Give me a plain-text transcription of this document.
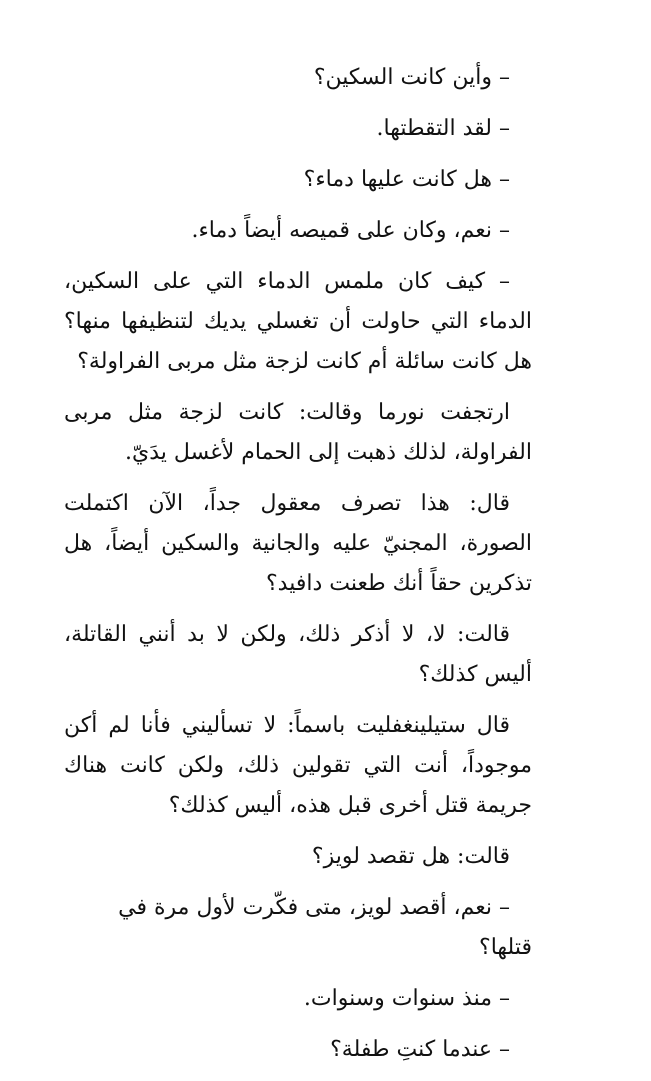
– وأين كانت السكين؟

– لقد التقطتها.

– هل كانت عليها دماء؟

– نعم، وكان على قميصه أيضاً دماء.

– كيف كان ملمس الدماء التي على السكين، الدماء التي حاولت أن تغسلي يديك لتنظيفها منها؟ هل كانت سائلة أم كانت لزجة مثل مربى الفراولة؟

ارتجفت نورما وقالت: كانت لزجة مثل مربى الفراولة، لذلك ذهبت إلى الحمام لأغسل يدَيّ.

قال: هذا تصرف معقول جداً، الآن اكتملت الصورة، المجنيّ عليه والجانية والسكين أيضاً، هل تذكرين حقاً أنك طعنت دافيد؟

قالت: لا، لا أذكر ذلك، ولكن لا بد أنني القاتلة، أليس كذلك؟

قال ستيلينغفليت باسماً: لا تسأليني فأنا لم أكن موجوداً، أنت التي تقولين ذلك، ولكن كانت هناك جريمة قتل أخرى قبل هذه، أليس كذلك؟

قالت: هل تقصد لويز؟

– نعم، أقصد لويز، متى فكّرت لأول مرة في قتلها؟

– منذ سنوات وسنوات.

– عندما كنتِ طفلة؟
